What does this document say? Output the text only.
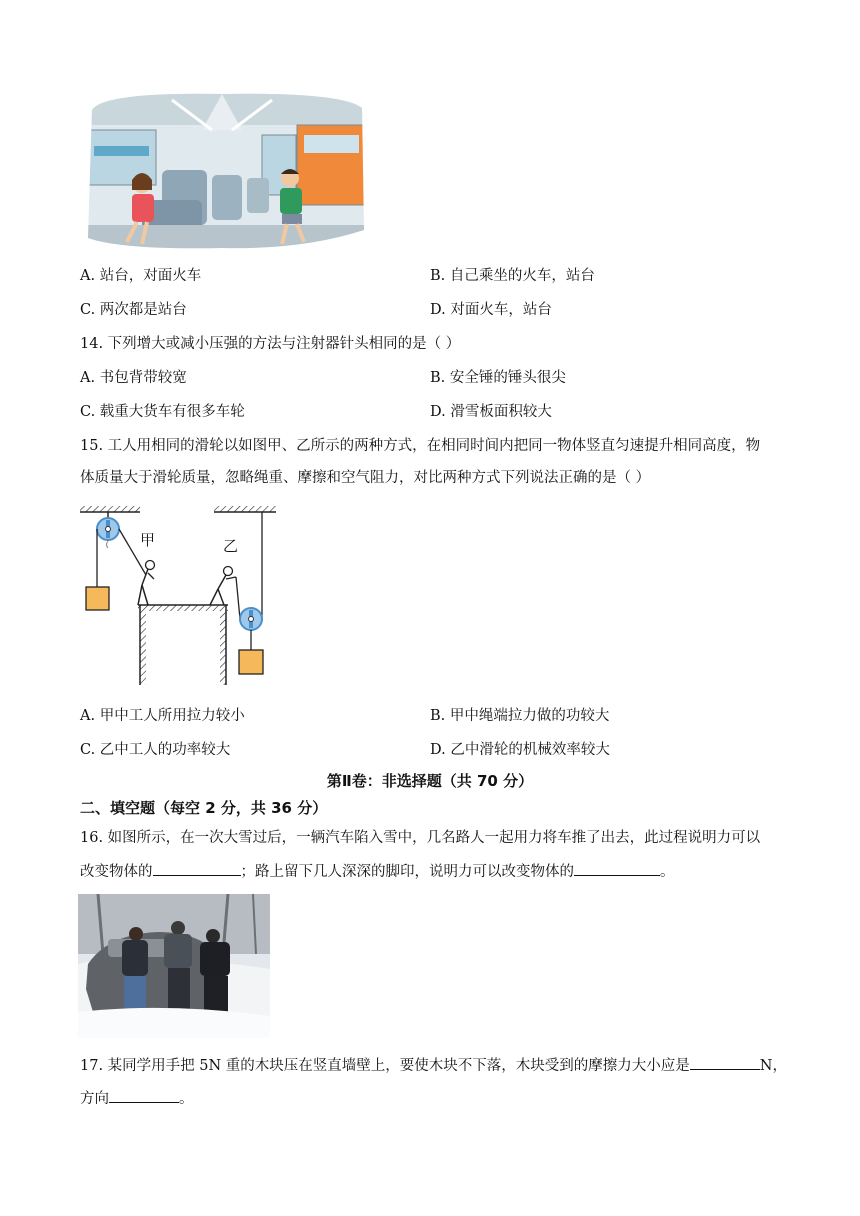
A. 站台，对面火车	B. 自己乘坐的火车，站台
C. 两次都是站台	D. 对面火车，站台
14. 下列增大或减小压强的方法与注射器针头相同的是（ ）
A. 书包背带较宽	B. 安全锤的锤头很尖
C. 载重大货车有很多车轮	D. 滑雪板面积较大
15. 工人用相同的滑轮以如图甲、乙所示的两种方式，在相同时间内把同一物体竖直匀速提升相同高度，物
体质量大于滑轮质量，忽略绳重、摩擦和空气阻力，对比两种方式下列说法正确的是（ ）
甲	乙
A. 甲中工人所用拉力较小	B. 甲中绳端拉力做的功较大
C. 乙中工人的功率较大	D. 乙中滑轮的机械效率较大
第Ⅱ卷：非选择题（共 70 分）
二、填空题（每空 2 分，共 36 分）
16. 如图所示，在一次大雪过后，一辆汽车陷入雪中，几名路人一起用力将车推了出去，此过程说明力可以
改变物体的	；路上留下几人深深的脚印，说明力可以改变物体的	。
17. 某同学用手把 5N 重的木块压在竖直墙壁上，要使木块不下落，木块受到的摩擦力大小应是	N，
方向	。
